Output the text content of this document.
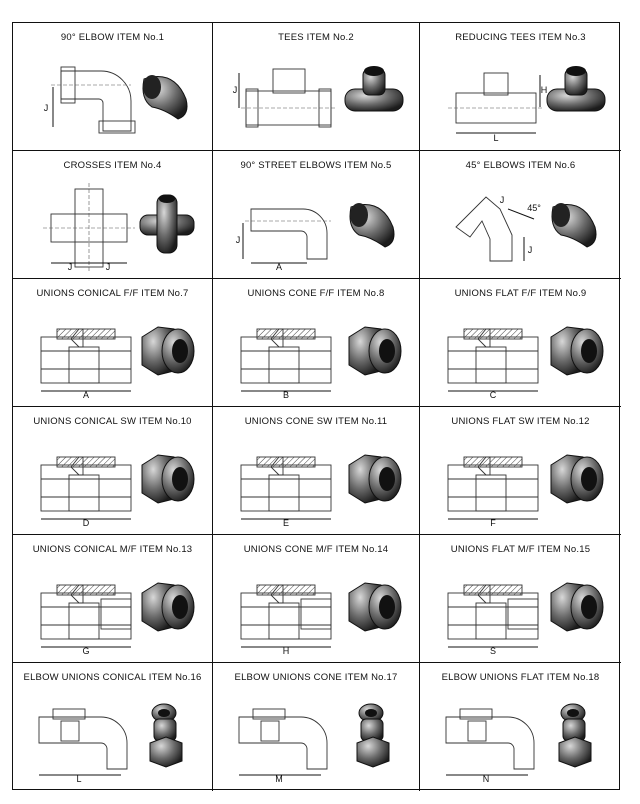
90° ELBOW ITEM No.1
J
TEES ITEM No.2
J
REDUCING TEES ITEM No.3
H
L
CROSSES ITEM No.4
J	J
90° STREET ELBOWS ITEM No.5
J
A
45° ELBOWS ITEM No.6
J
45°
J
UNIONS CONICAL F/F ITEM No.7
A
UNIONS CONE F/F ITEM No.8
B
UNIONS FLAT F/F ITEM No.9
C
UNIONS CONICAL SW ITEM No.10
D
UNIONS CONE SW ITEM No.11
E
UNIONS FLAT SW ITEM No.12
F
UNIONS CONICAL M/F ITEM No.13
G
UNIONS CONE M/F ITEM No.14
H
UNIONS FLAT M/F ITEM No.15
S
ELBOW UNIONS CONICAL ITEM No.16
L
ELBOW UNIONS CONE ITEM No.17
M
ELBOW UNIONS FLAT ITEM No.18
N
